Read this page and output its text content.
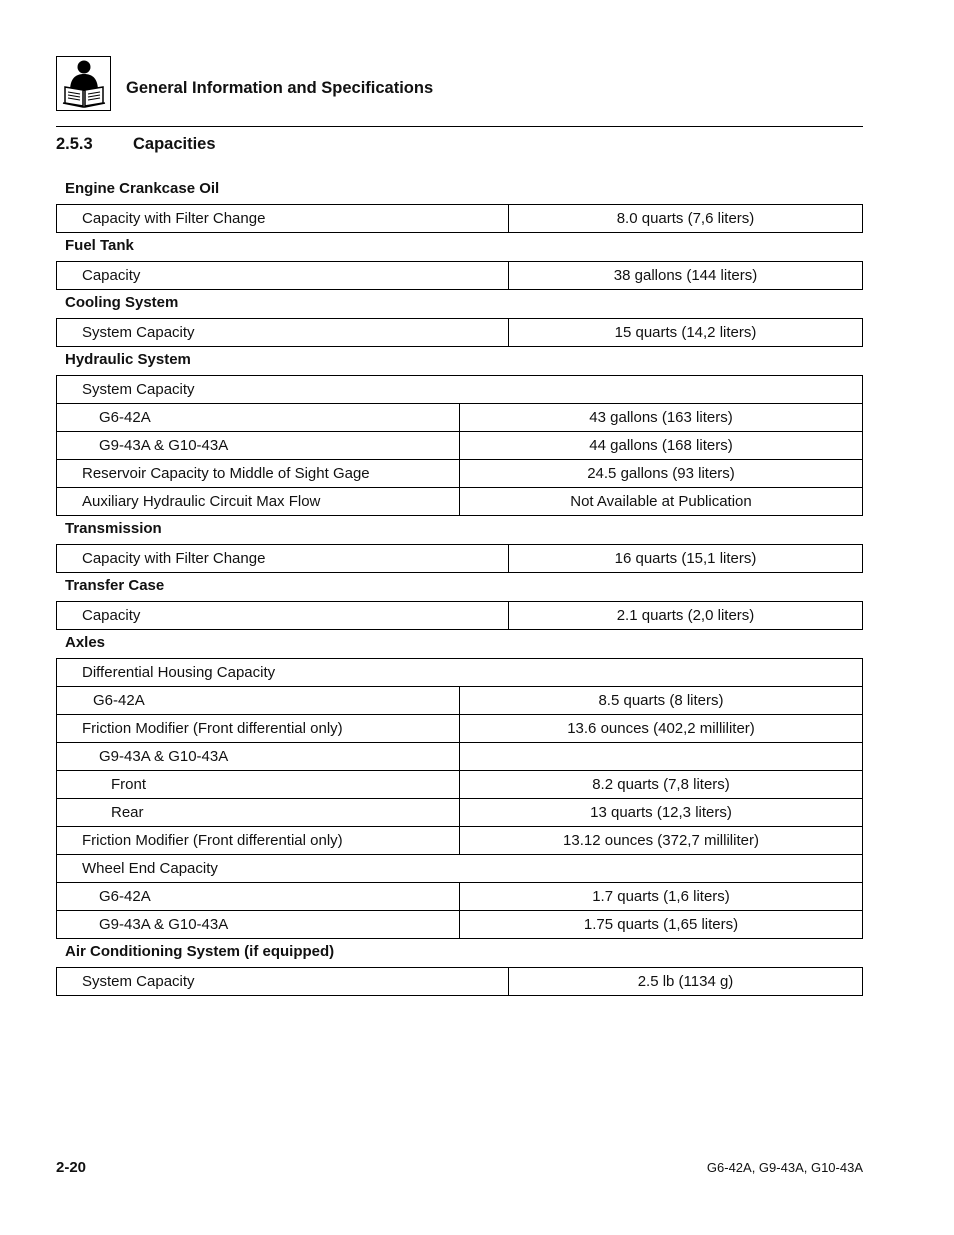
General Information and Specifications
2.5.3 Capacities
Engine Crankcase Oil
Capacity with Filter Change	8.0 quarts (7,6 liters)
Fuel Tank
Capacity	38 gallons (144 liters)
Cooling System
System Capacity	15 quarts (14,2 liters)
Hydraulic System
System Capacity	
G6-42A	43 gallons (163 liters)
G9-43A & G10-43A	44 gallons (168 liters)
Reservoir Capacity to Middle of Sight Gage	24.5 gallons (93 liters)
Auxiliary Hydraulic Circuit Max Flow	Not Available at Publication
Transmission
Capacity with Filter Change	16 quarts (15,1 liters)
Transfer Case
Capacity	2.1 quarts (2,0 liters)
Axles
Differential Housing Capacity	
G6-42A	8.5 quarts (8 liters)
Friction Modifier (Front differential only)	13.6 ounces (402,2 milliliter)
G9-43A & G10-43A	
Front	8.2 quarts (7,8 liters)
Rear	13 quarts (12,3 liters)
Friction Modifier (Front differential only)	13.12 ounces (372,7 milliliter)
Wheel End Capacity	
G6-42A	1.7 quarts (1,6 liters)
G9-43A & G10-43A	1.75 quarts (1,65 liters)
Air Conditioning System (if equipped)
System Capacity	2.5 lb (1134 g)
2-20	G6-42A, G9-43A, G10-43A
